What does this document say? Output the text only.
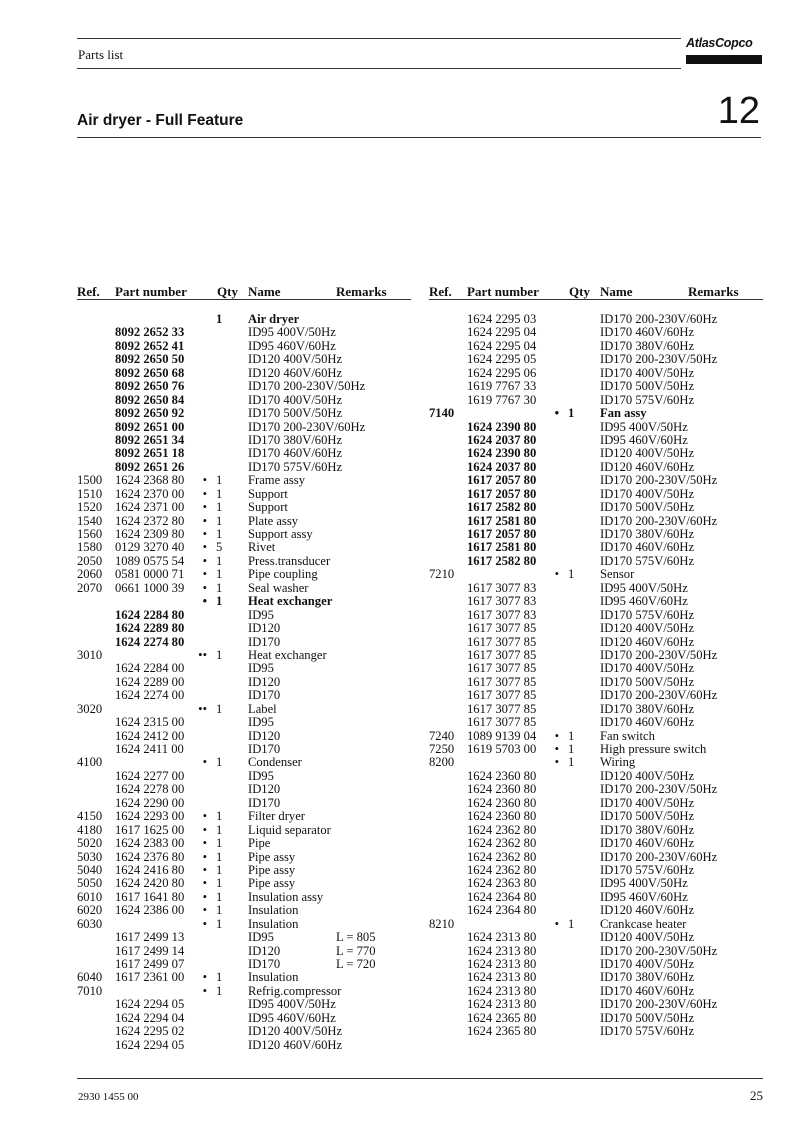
Parts list
AtlasCopco
Air dryer - Full Feature	12
Ref. Part number Qty Name	Remarks
1 Air dryer
8092 2652 33	ID95 400V/50Hz
8092 2652 41	ID95 460V/60Hz
8092 2650 50	ID120 400V/50Hz
8092 2650 68	ID120 460V/60Hz
8092 2650 76	ID170 200-230V/50Hz
8092 2650 84	ID170 400V/50Hz
8092 2650 92	ID170 500V/50Hz
8092 2651 00	ID170 200-230V/60Hz
8092 2651 34	ID170 380V/60Hz
8092 2651 18	ID170 460V/60Hz
8092 2651 26	ID170 575V/60Hz
1500 1624 2368 80	• 1 Frame assy
1510 1624 2370 00	• 1 Support
1520 1624 2371 00	• 1 Support
1540 1624 2372 80	• 1 Plate assy
1560 1624 2309 80	• 1 Support assy
1580 0129 3270 40	• 5 Rivet
2050 1089 0575 54	• 1 Press.transducer
2060 0581 0000 71	• 1 Pipe coupling
2070 0661 1000 39	• 1 Seal washer
• 1 Heat exchanger
1624 2284 80	ID95
1624 2289 80	ID120
1624 2274 80	ID170
3010	•• 1 Heat exchanger
1624 2284 00	ID95
1624 2289 00	ID120
1624 2274 00	ID170
3020	•• 1 Label
1624 2315 00	ID95
1624 2412 00	ID120
1624 2411 00	ID170
4100	• 1 Condenser
1624 2277 00	ID95
1624 2278 00	ID120
1624 2290 00	ID170
4150 1624 2293 00	• 1 Filter dryer
4180 1617 1625 00	• 1 Liquid separator
5020 1624 2383 00	• 1 Pipe
5030 1624 2376 80	• 1 Pipe assy
5040 1624 2416 80	• 1 Pipe assy
5050 1624 2420 80	• 1 Pipe assy
6010 1617 1641 80	• 1 Insulation assy
6020 1624 2386 00	• 1 Insulation
6030	• 1 Insulation
1617 2499 13	ID95	L = 805
1617 2499 14	ID120	L = 770
1617 2499 07	ID170	L = 720
6040 1617 2361 00	• 1 Insulation
7010	• 1 Refrig.compressor
1624 2294 05	ID95 400V/50Hz
1624 2294 04	ID95 460V/60Hz
1624 2295 02	ID120 400V/50Hz
1624 2294 05	ID120 460V/60Hz
Ref. Part number Qty Name	Remarks
1624 2295 03	ID170 200-230V/60Hz
1624 2295 04	ID170 460V/60Hz
1624 2295 04	ID170 380V/60Hz
1624 2295 05	ID170 200-230V/50Hz
1624 2295 06	ID170 400V/50Hz
1619 7767 33	ID170 500V/50Hz
1619 7767 30	ID170 575V/60Hz
7140	• 1 Fan assy
1624 2390 80	ID95 400V/50Hz
1624 2037 80	ID95 460V/60Hz
1624 2390 80	ID120 400V/50Hz
1624 2037 80	ID120 460V/60Hz
1617 2057 80	ID170 200-230V/50Hz
1617 2057 80	ID170 400V/50Hz
1617 2582 80	ID170 500V/50Hz
1617 2581 80	ID170 200-230V/60Hz
1617 2057 80	ID170 380V/60Hz
1617 2581 80	ID170 460V/60Hz
1617 2582 80	ID170 575V/60Hz
7210	• 1 Sensor
1617 3077 83	ID95 400V/50Hz
1617 3077 83	ID95 460V/60Hz
1617 3077 83	ID170 575V/60Hz
1617 3077 85	ID120 400V/50Hz
1617 3077 85	ID120 460V/60Hz
1617 3077 85	ID170 200-230V/50Hz
1617 3077 85	ID170 400V/50Hz
1617 3077 85	ID170 500V/50Hz
1617 3077 85	ID170 200-230V/60Hz
1617 3077 85	ID170 380V/60Hz
1617 3077 85	ID170 460V/60Hz
7240 1089 9139 04	• 1 Fan switch
7250 1619 5703 00	• 1 High pressure switch
8200	• 1 Wiring
1624 2360 80	ID120 400V/50Hz
1624 2360 80	ID170 200-230V/50Hz
1624 2360 80	ID170 400V/50Hz
1624 2360 80	ID170 500V/50Hz
1624 2362 80	ID170 380V/60Hz
1624 2362 80	ID170 460V/60Hz
1624 2362 80	ID170 200-230V/60Hz
1624 2362 80	ID170 575V/60Hz
1624 2363 80	ID95 400V/50Hz
1624 2364 80	ID95 460V/60Hz
1624 2364 80	ID120 460V/60Hz
8210	• 1 Crankcase heater
1624 2313 80	ID120 400V/50Hz
1624 2313 80	ID170 200-230V/50Hz
1624 2313 80	ID170 400V/50Hz
1624 2313 80	ID170 380V/60Hz
1624 2313 80	ID170 460V/60Hz
1624 2313 80	ID170 200-230V/60Hz
1624 2365 80	ID170 500V/50Hz
1624 2365 80	ID170 575V/60Hz
2930 1455 00	25
